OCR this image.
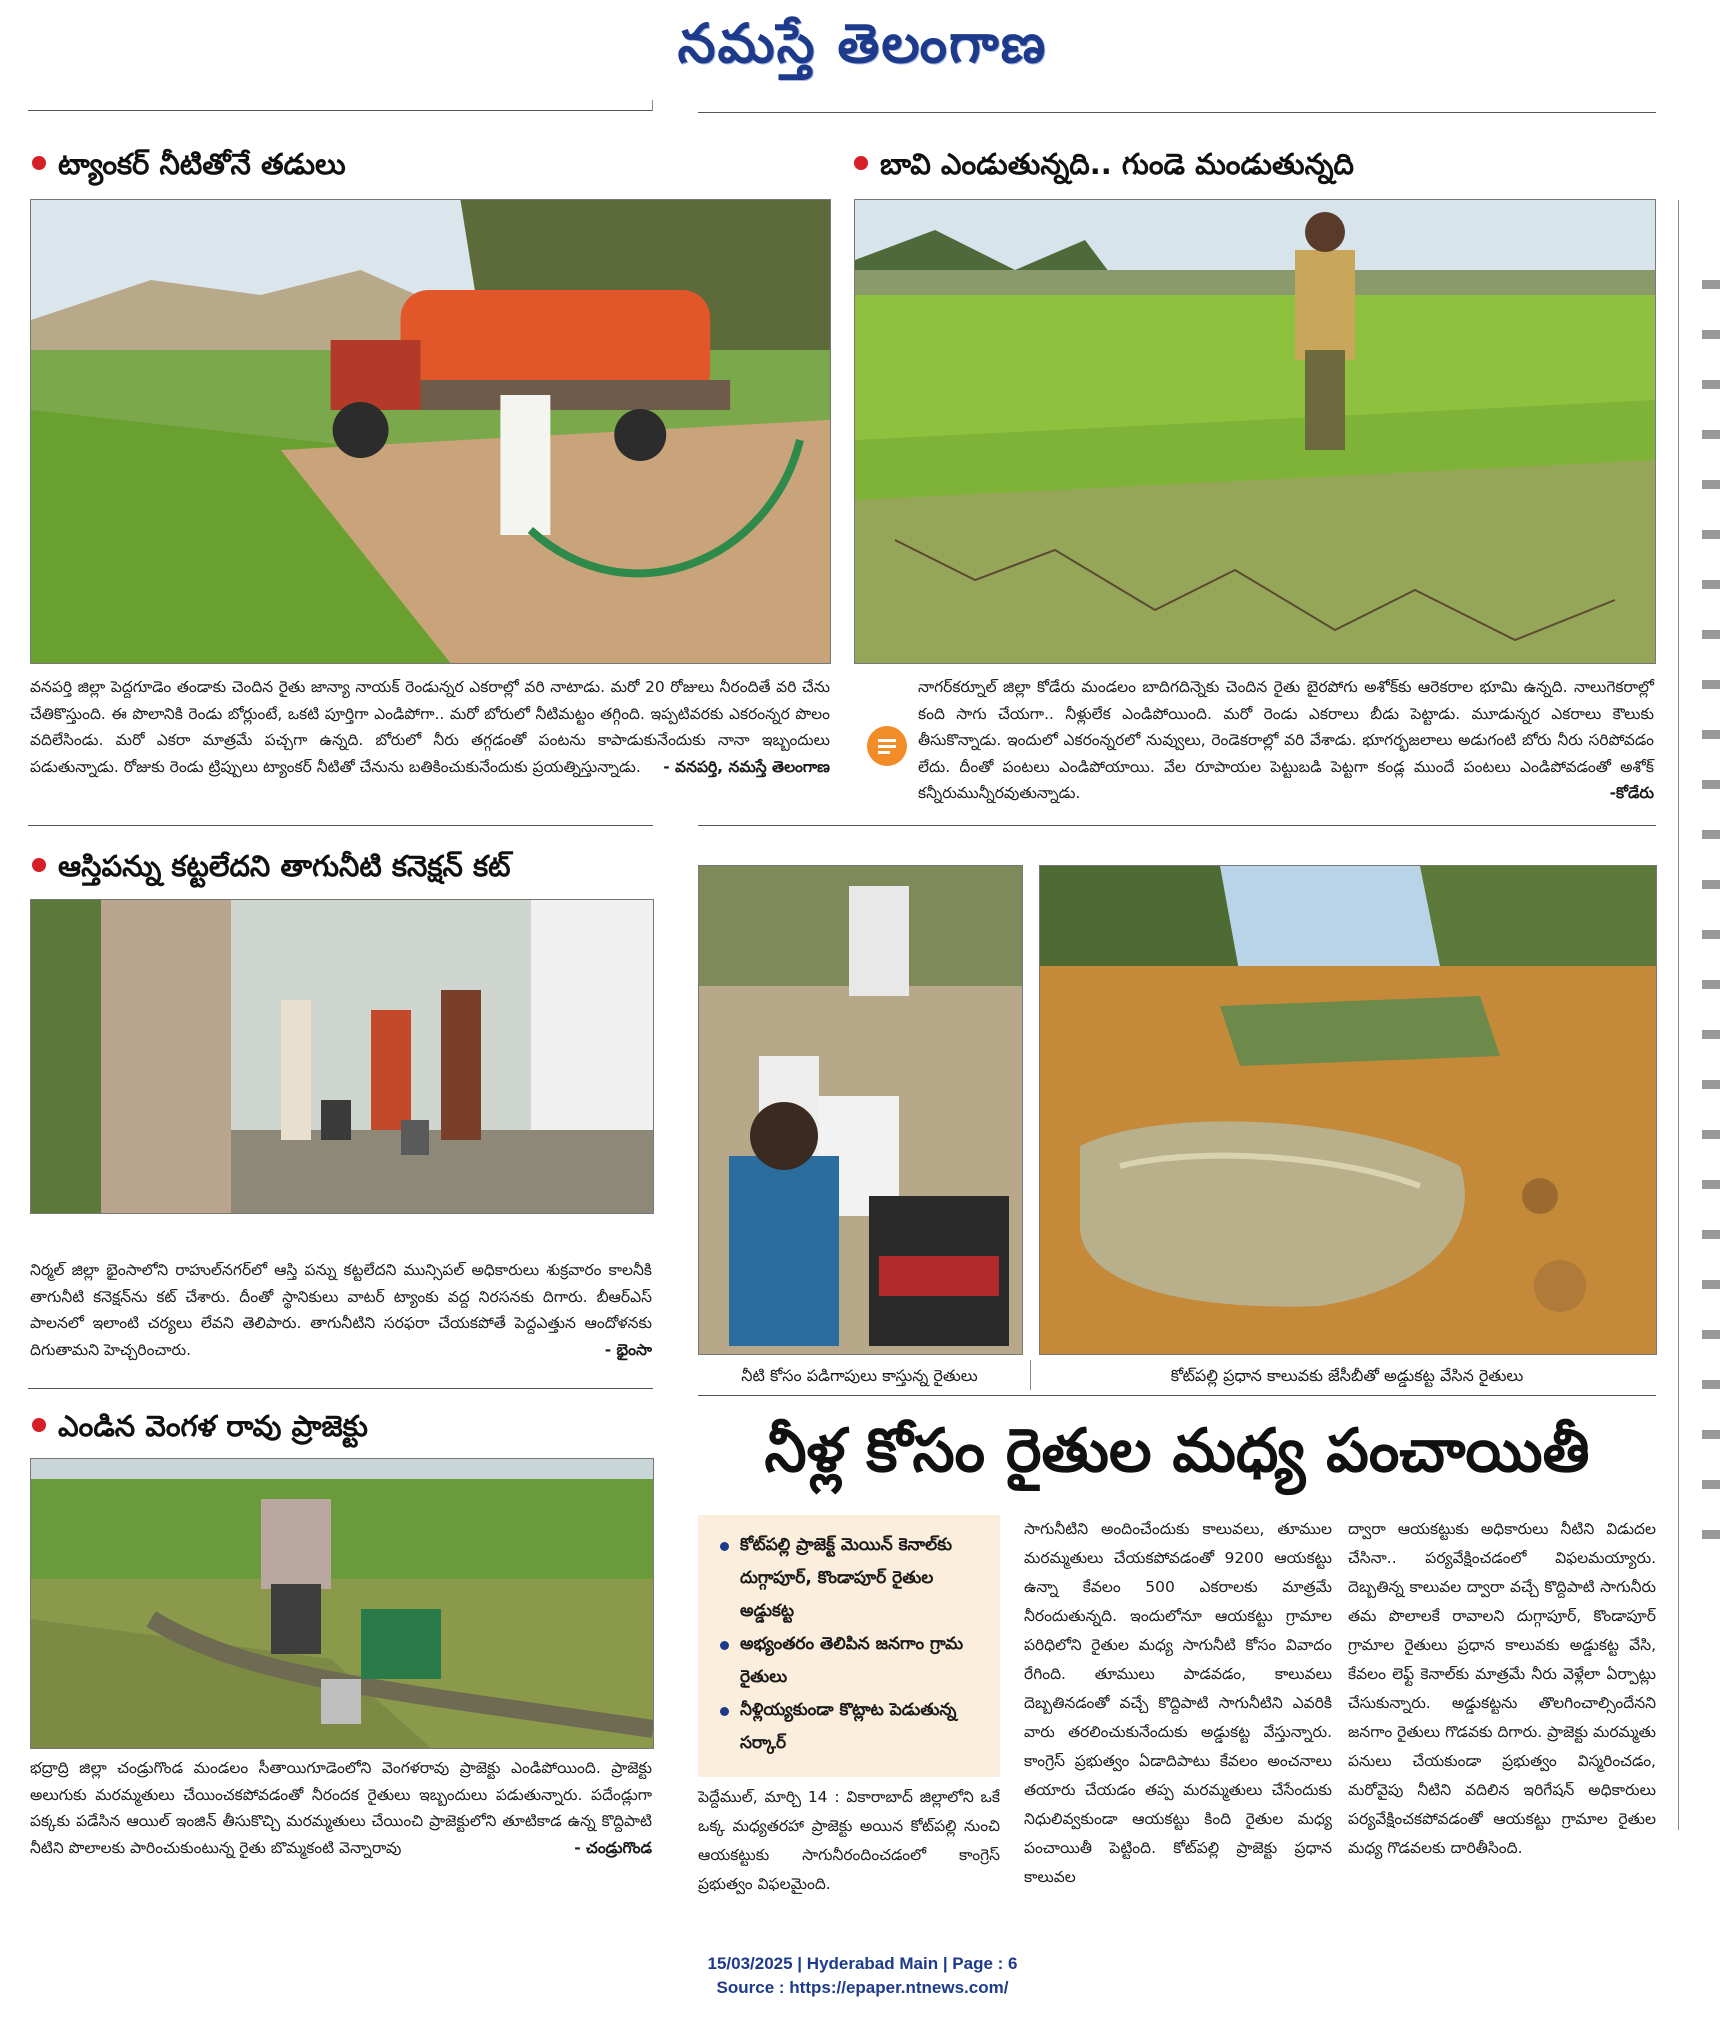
నమస్తే తెలంగాణ
ట్యాంకర్ నీటితోనే తడులు
వనపర్తి జిల్లా పెద్దగూడెం తండాకు చెందిన రైతు జాన్యా నాయక్ రెండున్నర ఎకరాల్లో వరి నాటాడు. మరో 20 రోజులు నీరందితే వరి చేను చేతికొస్తుంది. ఈ పొలానికి రెండు బోర్లుంటే, ఒకటి పూర్తిగా ఎండిపోగా.. మరో బోరులో నీటిమట్టం తగ్గింది. ఇప్పటివరకు ఎకరంన్నర పొలం వదిలేసిండు. మరో ఎకరా మాత్రమే పచ్చగా ఉన్నది. బోరులో నీరు తగ్గడంతో పంటను కాపాడుకునేందుకు నానా ఇబ్బందులు పడుతున్నాడు. రోజుకు రెండు ట్రిప్పులు ట్యాంకర్ నీటితో చేనును బతికించుకునేందుకు ప్రయత్నిస్తున్నాడు.	- వనపర్తి, నమస్తే తెలంగాణ
బావి ఎండుతున్నది.. గుండె మండుతున్నది
నాగర్‌కర్నూల్ జిల్లా కోడేరు మండలం బాదిగదిన్నెకు చెందిన రైతు బైరపోగు అశోక్‌కు ఆరెకరాల భూమి ఉన్నది. నాలుగెకరాల్లో కంది సాగు చేయగా.. నీళ్లులేక ఎండిపోయింది. మరో రెండు ఎకరాలు బీడు పెట్టాడు. మూడున్నర ఎకరాలు కౌలుకు తీసుకొన్నాడు. ఇందులో ఎకరంన్నరలో నువ్వులు, రెండెకరాల్లో వరి వేశాడు. భూగర్భజలాలు అడుగంటి బోరు నీరు సరిపోవడం లేదు. దీంతో పంటలు ఎండిపోయాయి. వేల రూపాయల పెట్టుబడి పెట్టగా కండ్ల ముందే పంటలు ఎండిపోవడంతో అశోక్ కన్నీరుమున్నీరవుతున్నాడు.	-కోడేరు
ఆస్తిపన్ను కట్టలేదని తాగునీటి కనెక్షన్ కట్
నిర్మల్ జిల్లా భైంసాలోని రాహుల్‌నగర్‌లో ఆస్తి పన్ను కట్టలేదని మున్సిపల్ అధికారులు శుక్రవారం కాలనీకి తాగునీటి కనెక్షన్‌ను కట్ చేశారు. దీంతో స్థానికులు వాటర్ ట్యాంకు వద్ద నిరసనకు దిగారు. బీఆర్‌ఎస్ పాలనలో ఇలాంటి చర్యలు లేవని తెలిపారు. తాగునీటిని సరఫరా చేయకపోతే పెద్దఎత్తున ఆందోళనకు దిగుతామని హెచ్చరించారు.	- భైంసా
నీటి కోసం పడిగాపులు కాస్తున్న రైతులు	కోట్‌పల్లి ప్రధాన కాలువకు జేసీబీతో అడ్డుకట్ట వేసిన రైతులు
ఎండిన వెంగళ రావు ప్రాజెక్టు
భద్రాద్రి జిల్లా చండ్రుగొండ మండలం సీతాయిగూడెంలోని వెంగళరావు ప్రాజెక్టు ఎండిపోయింది. ప్రాజెక్టు అలుగుకు మరమ్మతులు చేయించకపోవడంతో నీరందక రైతులు ఇబ్బందులు పడుతున్నారు. పదేండ్లుగా పక్కకు పడేసిన ఆయిల్ ఇంజిన్ తీసుకొచ్చి మరమ్మతులు చేయించి ప్రాజెక్టులోని తూటికాడ ఉన్న కొద్దిపాటి నీటిని పొలాలకు పారించుకుంటున్న రైతు బొమ్మకంటి వెన్నారావు	- చండ్రుగొండ
నీళ్ల కోసం రైతుల మధ్య పంచాయితీ
కోట్‌పల్లి ప్రాజెక్ట్ మెయిన్ కెనాల్‌కు దుగ్గాపూర్, కొండాపూర్ రైతుల అడ్డుకట్ట
అభ్యంతరం తెలిపిన జనగాం గ్రామ రైతులు
నీళ్లియ్యకుండా కొట్లాట పెడుతున్న సర్కార్
పెద్దేముల్, మార్చి 14 : వికారాబాద్ జిల్లాలోని ఒకే ఒక్క మధ్యతరహా ప్రాజెక్టు అయిన కోట్‌పల్లి నుంచి ఆయకట్టుకు సాగునీరందించడంలో కాంగ్రెస్ ప్రభుత్వం విఫలమైంది.
సాగునీటిని అందించేందుకు కాలువలు, తూముల మరమ్మతులు చేయకపోవడంతో 9200 ఆయకట్టు ఉన్నా కేవలం 500 ఎకరాలకు మాత్రమే నీరందుతున్నది. ఇందులోనూ ఆయకట్టు గ్రామాల పరిధిలోని రైతుల మధ్య సాగునీటి కోసం వివాదం రేగింది. తూములు పాడవడం, కాలువలు దెబ్బతినడంతో వచ్చే కొద్దిపాటి సాగునీటిని ఎవరికి వారు తరలించుకునేందుకు అడ్డుకట్ట వేస్తున్నారు. కాంగ్రెస్ ప్రభుత్వం ఏడాదిపాటు కేవలం అంచనాలు తయారు చేయడం తప్ప మరమ్మతులు చేసేందుకు నిధులివ్వకుండా ఆయకట్టు కింది రైతుల మధ్య పంచాయితీ పెట్టింది. కోట్‌పల్లి ప్రాజెక్టు ప్రధాన కాలువల
ద్వారా ఆయకట్టుకు అధికారులు నీటిని విడుదల చేసినా.. పర్యవేక్షించడంలో విఫలమయ్యారు. దెబ్బతిన్న కాలువల ద్వారా వచ్చే కొద్దిపాటి సాగునీరు తమ పొలాలకే రావాలని దుగ్గాపూర్, కొండాపూర్ గ్రామాల రైతులు ప్రధాన కాలువకు అడ్డుకట్ట వేసి, కేవలం లెఫ్ట్ కెనాల్‌కు మాత్రమే నీరు వెళ్లేలా ఏర్పాట్లు చేసుకున్నారు. అడ్డుకట్టను తొలగించాల్సిందేనని జనగాం రైతులు గొడవకు దిగారు. ప్రాజెక్టు మరమ్మతు పనులు చేయకుండా ప్రభుత్వం విస్మరించడం, మరోవైపు నీటిని వదిలిన ఇరిగేషన్ అధికారులు పర్యవేక్షించకపోవడంతో ఆయకట్టు గ్రామాల రైతుల మధ్య గొడవలకు దారితీసింది.
15/03/2025 | Hyderabad Main | Page : 6
Source : https://epaper.ntnews.com/
